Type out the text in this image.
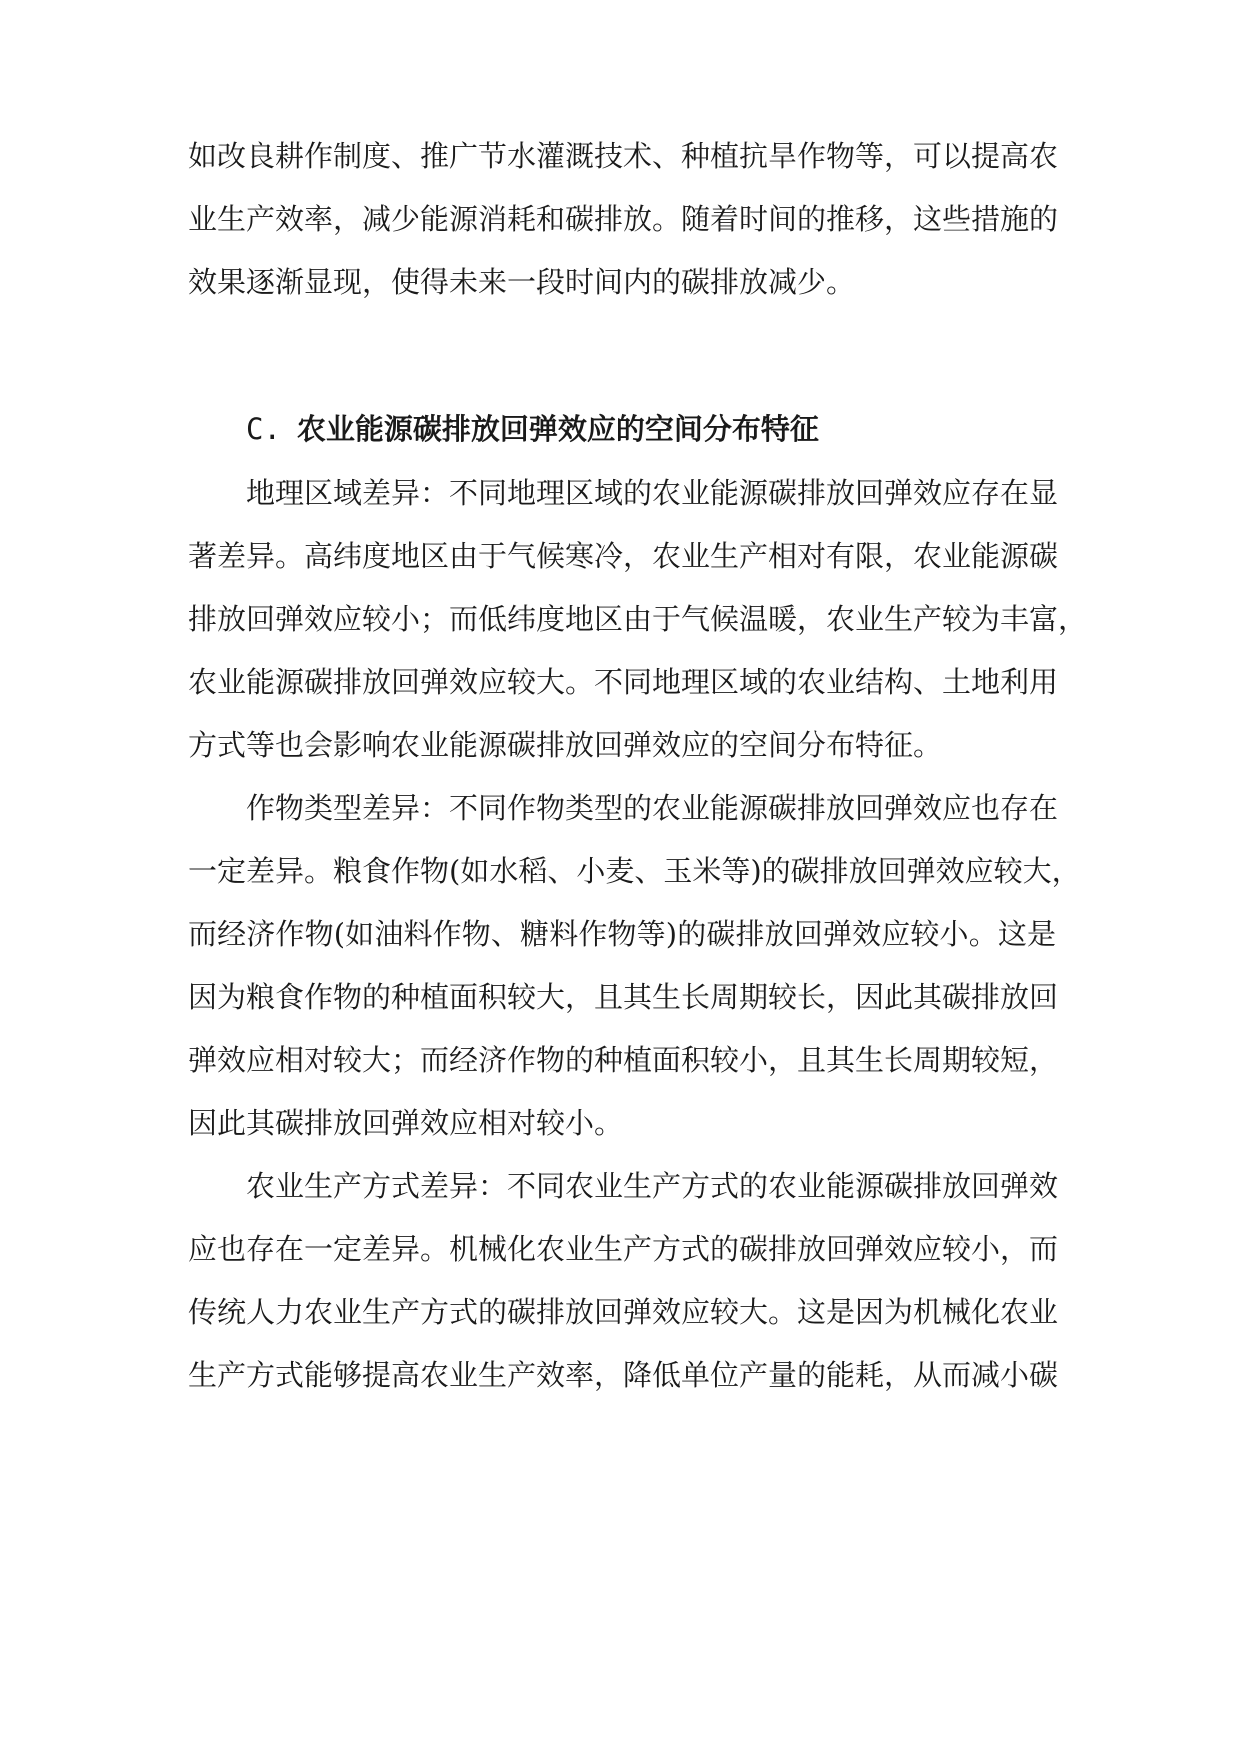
如改良耕作制度、推广节水灌溉技术、种植抗旱作物等，可以提高农
业生产效率，减少能源消耗和碳排放。随着时间的推移，这些措施的
效果逐渐显现，使得未来一段时间内的碳排放减少。
C. 农业能源碳排放回弹效应的空间分布特征
地理区域差异：不同地理区域的农业能源碳排放回弹效应存在显
著差异。高纬度地区由于气候寒冷，农业生产相对有限，农业能源碳
排放回弹效应较小；而低纬度地区由于气候温暖，农业生产较为丰富，
农业能源碳排放回弹效应较大。不同地理区域的农业结构、土地利用
方式等也会影响农业能源碳排放回弹效应的空间分布特征。
作物类型差异：不同作物类型的农业能源碳排放回弹效应也存在
一定差异。粮食作物(如水稻、小麦、玉米等)的碳排放回弹效应较大，
而经济作物(如油料作物、糖料作物等)的碳排放回弹效应较小。这是
因为粮食作物的种植面积较大，且其生长周期较长，因此其碳排放回
弹效应相对较大；而经济作物的种植面积较小，且其生长周期较短，
因此其碳排放回弹效应相对较小。
农业生产方式差异：不同农业生产方式的农业能源碳排放回弹效
应也存在一定差异。机械化农业生产方式的碳排放回弹效应较小，而
传统人力农业生产方式的碳排放回弹效应较大。这是因为机械化农业
生产方式能够提高农业生产效率，降低单位产量的能耗，从而减小碳
